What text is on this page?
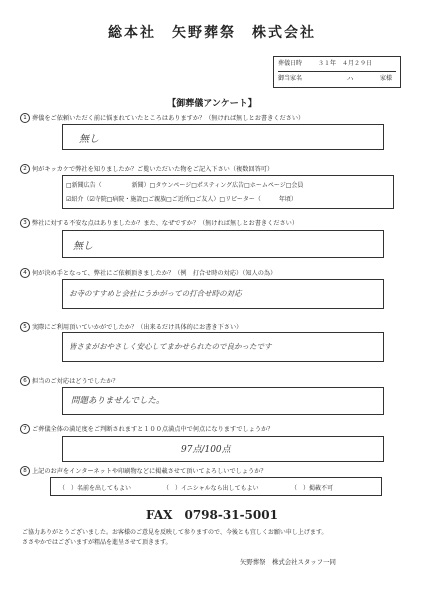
総本社　矢野葬祭　株式会社
葬儀日時	３１年　４月２９日
御当家名	ハ	家様
【御葬儀アンケート】
1 葬儀をご依頼いただく前に悩まれていたところはありますか？（無ければ無しとお書きください）
無し
2 何がキッカケで弊社を知りましたか？ご覧いただいた物をご記入下さい（複数回答可）
□新聞広告（　　　　　新聞）□タウンページ□ポスティング広告□ホームページ□会員
☑紹介（☑寺院□病院・施設□ご親族□ご近所□ご友人）□リピーター（　　　年頃）
3 弊社に対する不安な点はありましたか？また、なぜですか？（無ければ無しとお書きください）
無し
4 何が決め手となって、弊社にご依頼頂きましたか？（例　打合せ時の対応）（知人の為）
お寺のすすめと会社にうかがっての打合せ時の対応
5 実際にご利用頂いていかがでしたか？（出来るだけ具体的にお書き下さい）
皆さまがおやさしく安心してまかせられたので良かったです
6 担当のご対応はどうでしたか？
問題ありませんでした。
7 ご葬儀全体の満足度をご判断されますと１００点満点中で何点になりますでしょうか？
97点/100点
8 上記のお声をインターネットや印刷物などに掲載させて頂いてよろしいでしょうか？
（　）名前を出してもよい	（　）イニシャルなら出してもよい	（　）掲載不可
FAX　0798-31-5001
ご協力ありがとうございました。お客様のご意見を反映して参りますので、今後とも宜しくお願い申し上げます。
ささやかではございますが粗品を進呈させて頂きます。
矢野葬祭　株式会社スタッフ一同
